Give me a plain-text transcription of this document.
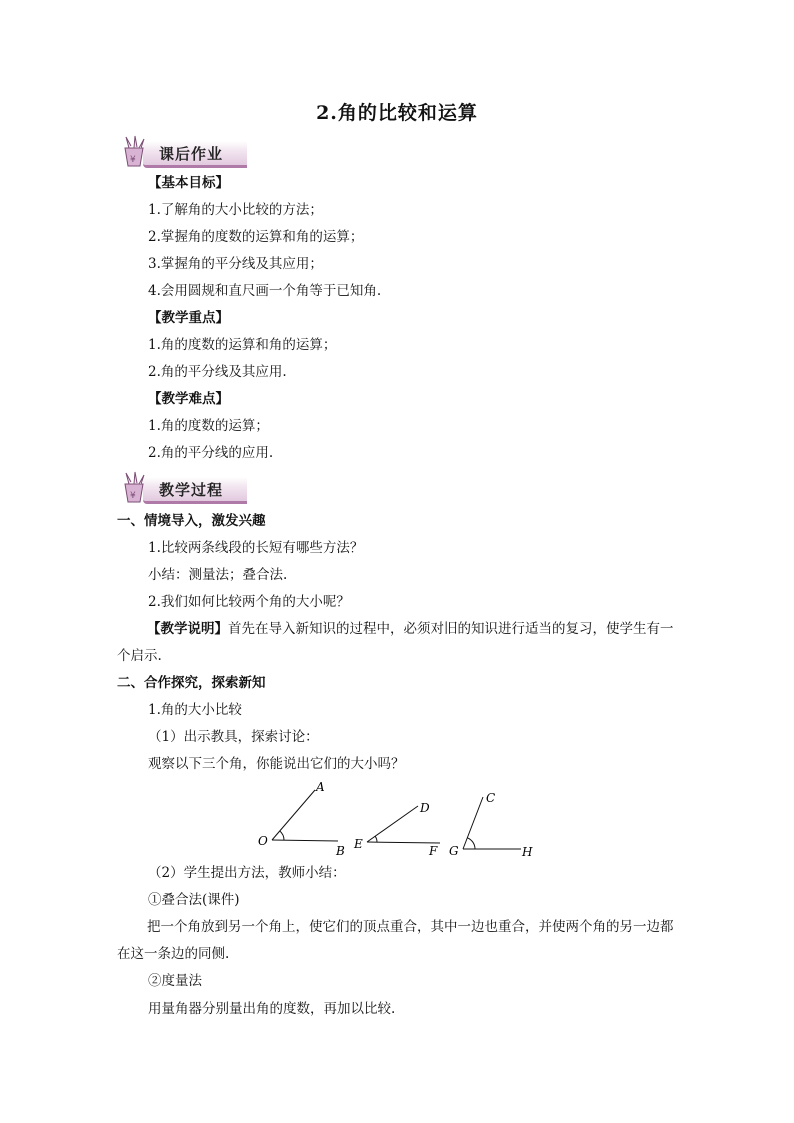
2.角的比较和运算
¥ 课后作业
【基本目标】
1.了解角的大小比较的方法；
2.掌握角的度数的运算和角的运算；
3.掌握角的平分线及其应用；
4.会用圆规和直尺画一个角等于已知角.
【教学重点】
1.角的度数的运算和角的运算；
2.角的平分线及其应用.
【教学难点】
1.角的度数的运算；
2.角的平分线的应用.
¥ 教学过程
一、情境导入，激发兴趣
1.比较两条线段的长短有哪些方法？
小结：测量法；叠合法.
2.我们如何比较两个角的大小呢？
【教学说明】首先在导入新知识的过程中，必须对旧的知识进行适当的复习，使学生有一个启示.
二、合作探究，探索新知
1.角的大小比较
（1）出示教具，探索讨论：
观察以下三个角，你能说出它们的大小吗？
O
A
B E
D
F G
C
H
（2）学生提出方法，教师小结：
①叠合法(课件)
把一个角放到另一个角上，使它们的顶点重合，其中一边也重合，并使两个角的另一边都在这一条边的同侧.
②度量法
用量角器分别量出角的度数，再加以比较.
